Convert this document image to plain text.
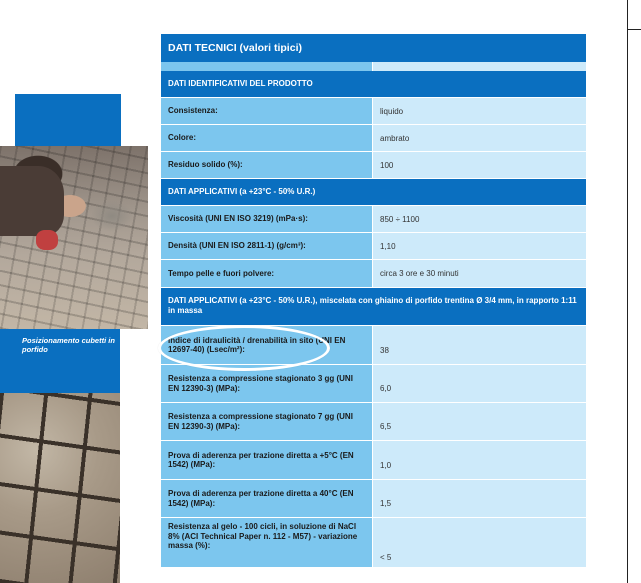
Posizionamento cubetti in porfido
DATI TECNICI (valori tipici)
DATI IDENTIFICATIVI DEL PRODOTTO
Consistenza:	liquido
Colore:	ambrato
Residuo solido (%):	100
DATI APPLICATIVI (a +23°C - 50% U.R.)
Viscosità (UNI EN ISO 3219) (mPa·s):	850 ÷ 1100
Densità (UNI EN ISO 2811-1) (g/cm³):	1,10
Tempo pelle e fuori polvere:	circa 3 ore e 30 minuti
DATI APPLICATIVI (a +23°C - 50% U.R.), miscelata con ghiaino di porfido trentina Ø 3/4 mm, in rapporto 1:11 in massa
Indice di idraulicità / drenabilità in sito (UNI EN 12697-40) (Lsec/m²):	38
Resistenza a compressione stagionato 3 gg (UNI EN 12390-3) (MPa):	6,0
Resistenza a compressione stagionato 7 gg (UNI EN 12390-3) (MPa):	6,5
Prova di aderenza per trazione diretta a +5°C (EN 1542) (MPa):	1,0
Prova di aderenza per trazione diretta a 40°C (EN 1542) (MPa):	1,5
Resistenza al gelo - 100 cicli, in soluzione di NaCl 8% (ACI Technical Paper n. 112 - M57) - variazione massa (%):
< 5
